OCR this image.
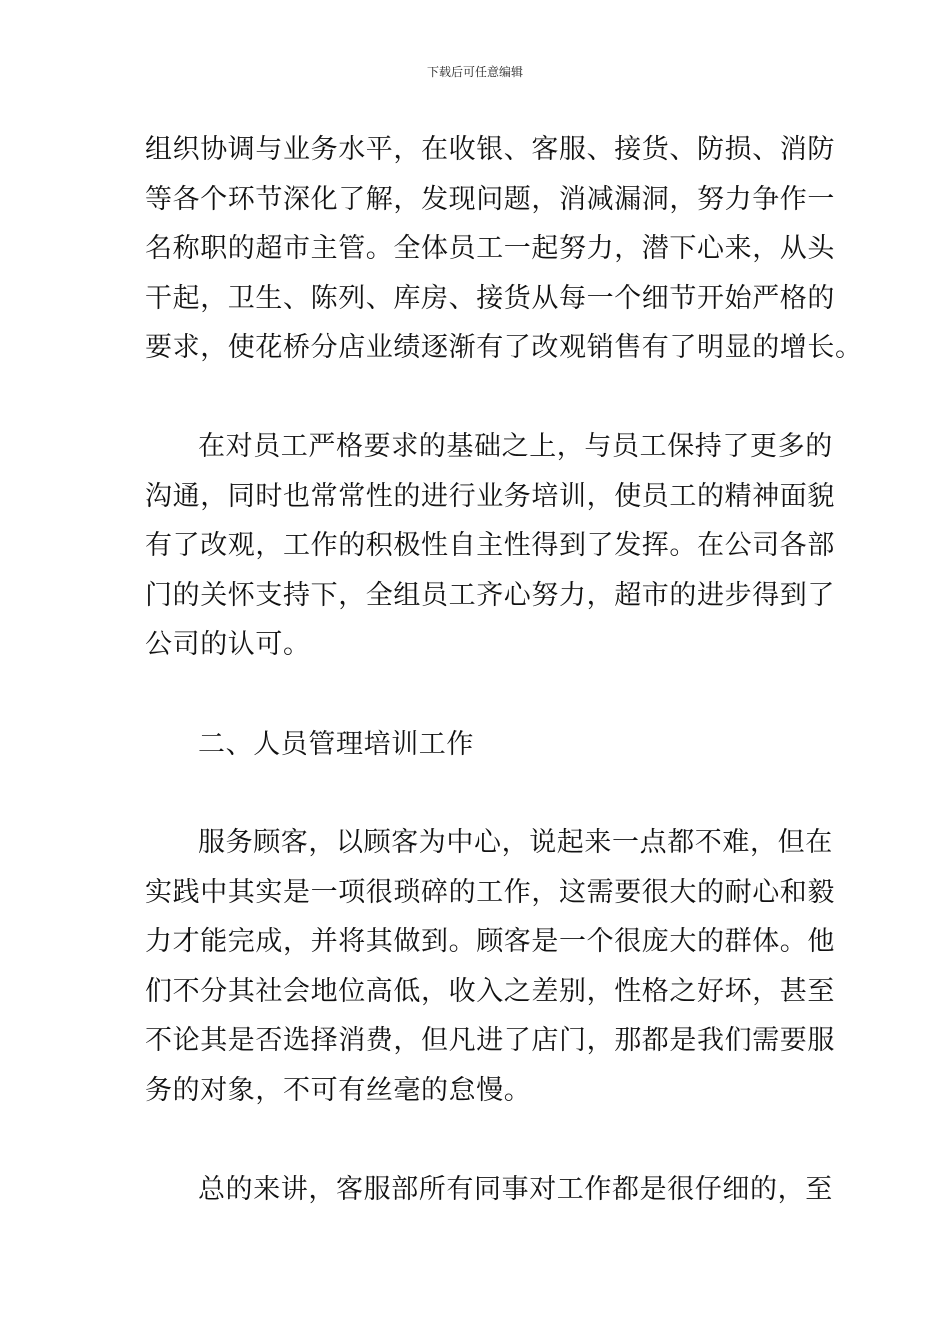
下载后可任意编辑
组织协调与业务水平，在收银、客服、接货、防损、消防
等各个环节深化了解，发现问题，消减漏洞，努力争作一
名称职的超市主管。全体员工一起努力，潜下心来，从头
干起，卫生、陈列、库房、接货从每一个细节开始严格的
要求，使花桥分店业绩逐渐有了改观销售有了明显的增长。
在对员工严格要求的基础之上，与员工保持了更多的
沟通，同时也常常性的进行业务培训，使员工的精神面貌
有了改观，工作的积极性自主性得到了发挥。在公司各部
门的关怀支持下，全组员工齐心努力，超市的进步得到了
公司的认可。
二、人员管理培训工作
服务顾客，以顾客为中心，说起来一点都不难，但在
实践中其实是一项很琐碎的工作，这需要很大的耐心和毅
力才能完成，并将其做到。顾客是一个很庞大的群体。他
们不分其社会地位高低，收入之差别，性格之好坏，甚至
不论其是否选择消费，但凡进了店门，那都是我们需要服
务的对象，不可有丝毫的怠慢。
总的来讲，客服部所有同事对工作都是很仔细的，至
